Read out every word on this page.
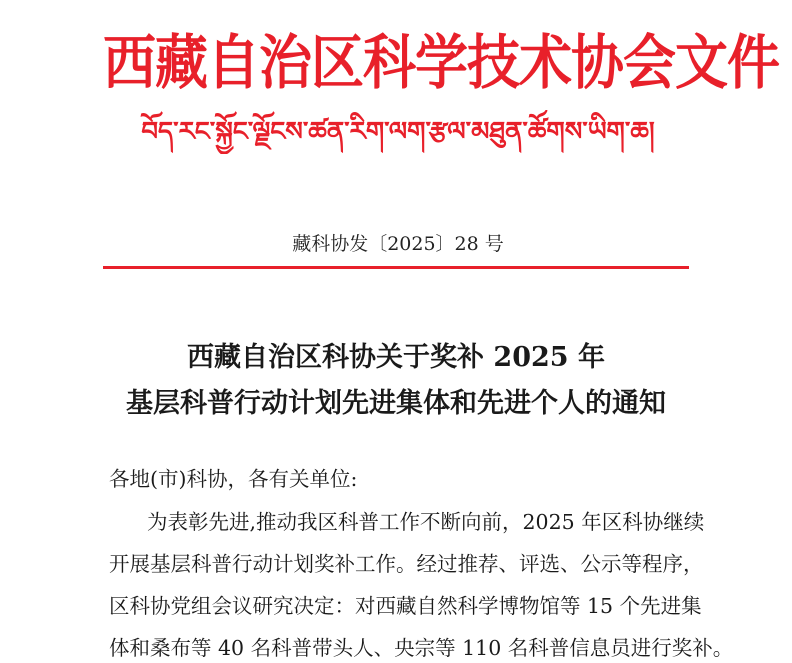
西藏自治区科学技术协会文件
བོད་རང་སྐྱོང་ལྗོངས་ཚན་རིག་ལག་རྩལ་མཐུན་ཚོགས་ཡིག་ཆ།
藏科协发〔2025〕28 号
西藏自治区科协关于奖补 2025 年
基层科普行动计划先进集体和先进个人的通知
各地(市)科协，各有关单位:
为表彰先进,推动我区科普工作不断向前，2025 年区科协继续
开展基层科普行动计划奖补工作。经过推荐、评选、公示等程序，
区科协党组会议研究决定：对西藏自然科学博物馆等 15 个先进集
体和桑布等 40 名科普带头人、央宗等 110 名科普信息员进行奖补。
